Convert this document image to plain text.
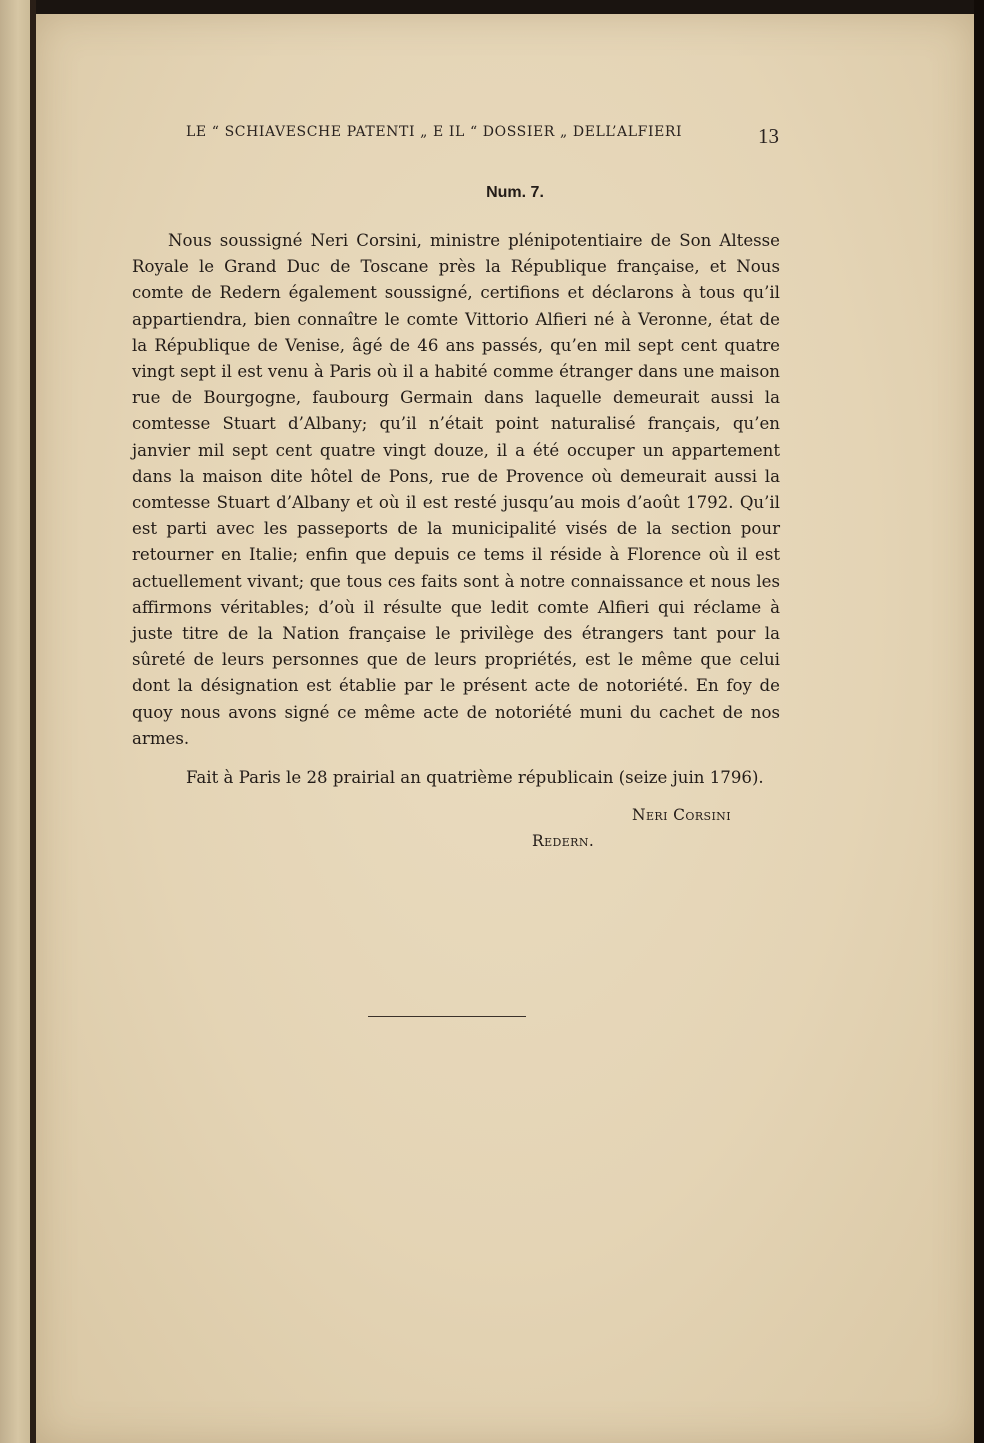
LE “ SCHIAVESCHE PATENTI „ E IL “ DOSSIER „ DELL’ALFIERI	13
Num. 7.

Nous soussigné Neri Corsini, ministre plénipotentiaire de Son Altesse Royale le Grand Duc de Toscane près la République française, et Nous comte de Redern également soussigné, certifions et déclarons à tous qu’il appartiendra, bien connaître le comte Vittorio Alfieri né à Veronne, état de la République de Venise, âgé de 46 ans passés, qu’en mil sept cent quatre vingt sept il est venu à Paris où il a habité comme étranger dans une maison rue de Bourgogne, faubourg Germain dans laquelle demeurait aussi la comtesse Stuart d’Albany; qu’il n’était point naturalisé français, qu’en janvier mil sept cent quatre vingt douze, il a été occuper un appartement dans la maison dite hôtel de Pons, rue de Provence où demeurait aussi la comtesse Stuart d’Albany et où il est resté jusqu’au mois d’août 1792. Qu’il est parti avec les passeports de la municipalité visés de la section pour retourner en Italie; enfin que depuis ce tems il réside à Florence où il est actuellement vivant; que tous ces faits sont à notre connaissance et nous les affirmons véritables; d’où il résulte que ledit comte Alfieri qui réclame à juste titre de la Nation française le privilège des étrangers tant pour la sûreté de leurs personnes que de leurs propriétés, est le même que celui dont la désignation est établie par le présent acte de notoriété. En foy de quoy nous avons signé ce même acte de notoriété muni du cachet de nos armes.

Fait à Paris le 28 prairial an quatrième républicain (seize juin 1796).
Neri Corsini
Redern.
